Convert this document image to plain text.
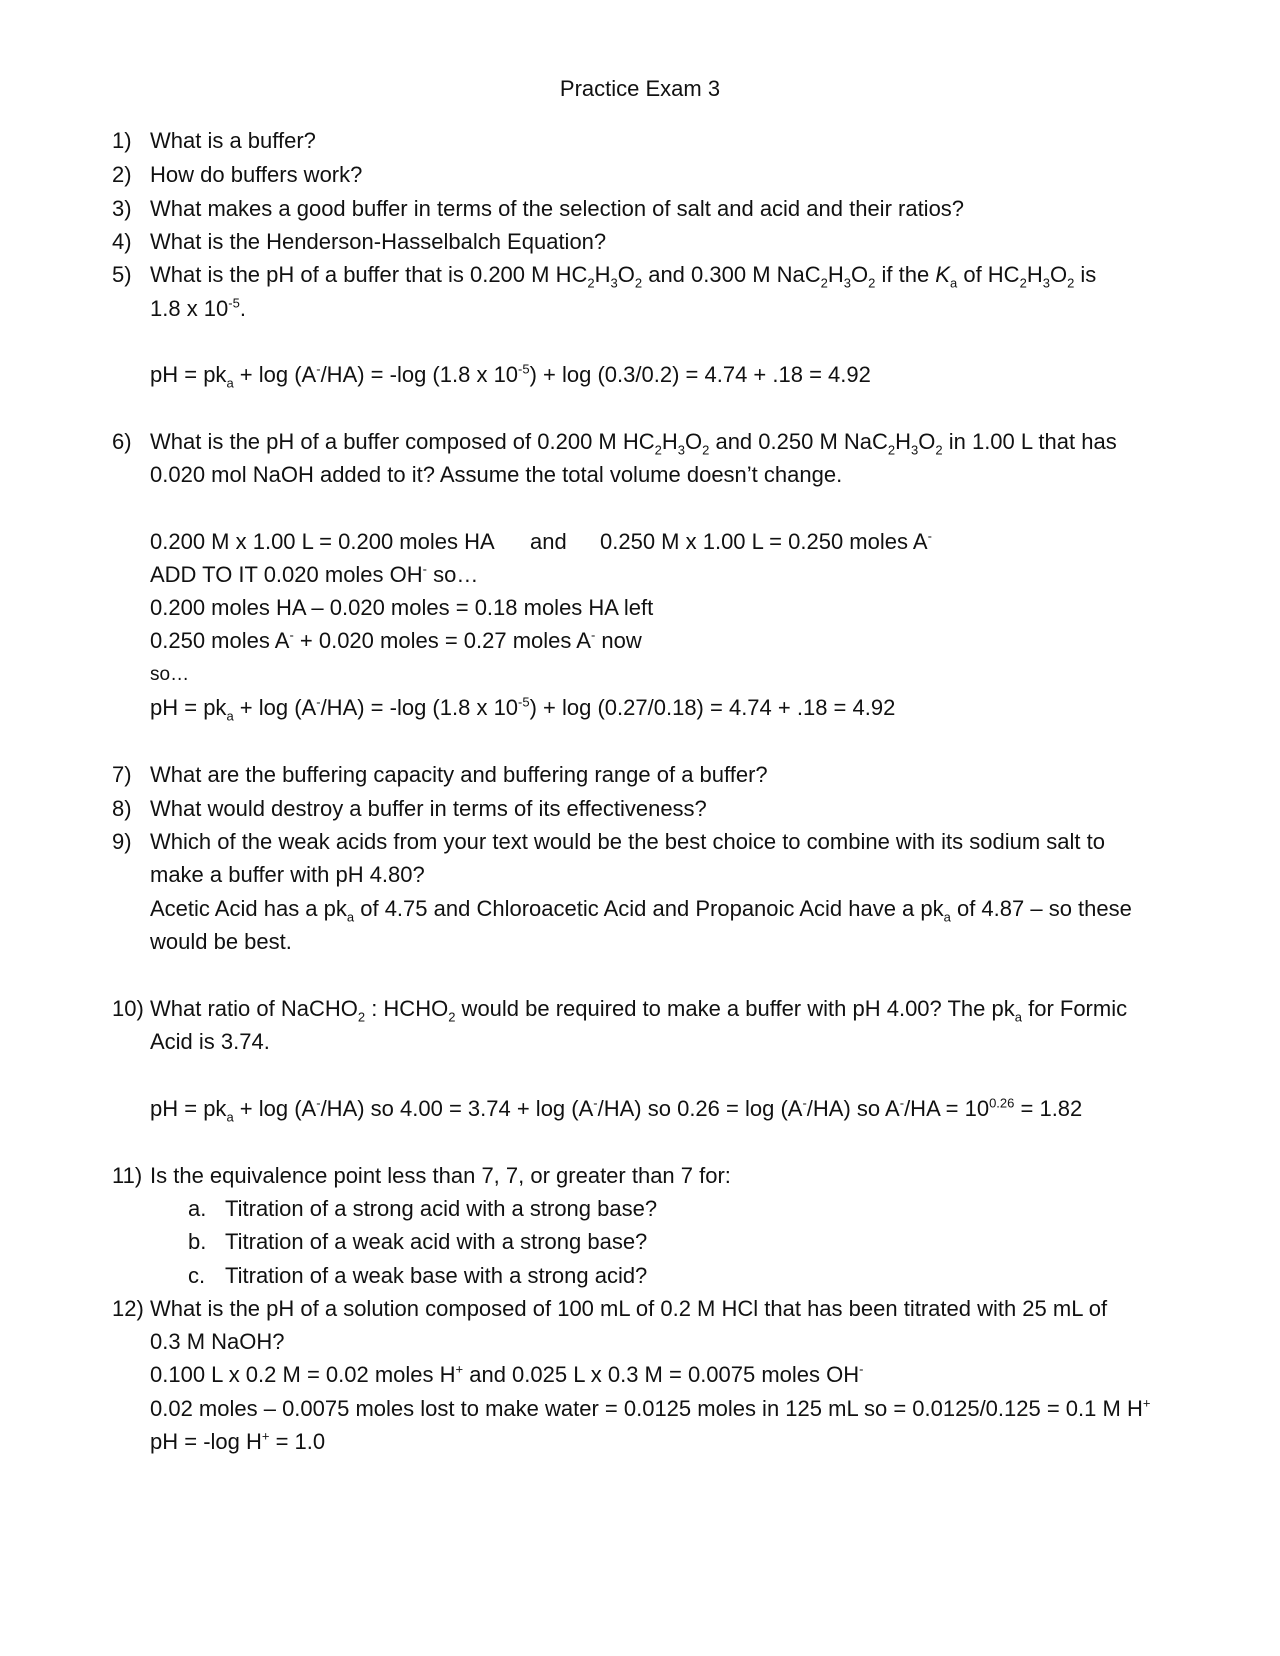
Practice Exam 3
1) What is a buffer?
2) How do buffers work?
3) What makes a good buffer in terms of the selection of salt and acid and their ratios?
4) What is the Henderson-Hasselbalch Equation?
5) What is the pH of a buffer that is 0.200 M $HC_2H_3O_2$ and 0.300 M $NaC_2H_3O_2$ if the $K_a$ of $HC_2H_3O_2$ is
1.8 x $10^{-5}$.
pH = $pk_a + \log (A^-/HA) = -\log$ (1.8 x $10^{-5}) + \log (0.3/0.2) = 4.74 + .18 = 4.92$
6) What is the pH of a buffer composed of 0.200 M $HC_2H_3O_2$ and 0.250 M $NaC_2H_3O_2$ in 1.00 L that has
0.020 mol NaOH added to it? Assume the total volume doesn’t change.
0.200 M x 1.00 L = 0.200 moles HA and 0.250 M x 1.00 L = 0.250 moles A-
ADD TO IT 0.020 moles OH- so…
0.200 moles HA – 0.020 moles = 0.18 moles HA left
0.250 moles A- + 0.020 moles = 0.27 moles A- now
so…
pH = $pk_a + \log (A^-/HA) = -\log$ (1.8 x $10^{-5}) + \log (0.27/0.18) = 4.74 + .18 = 4.92$
7) What are the buffering capacity and buffering range of a buffer?
8) What would destroy a buffer in terms of its effectiveness?
9) Which of the weak acids from your text would be the best choice to combine with its sodium salt to
make a buffer with pH 4.80?
Acetic Acid has a $pk_a$ of 4.75 and Chloroacetic Acid and Propanoic Acid have a $pk_a$ of 4.87 – so these
would be best.
10) What ratio of NaCHO$_2$ : $HCHO_2$ would be required to make a buffer with pH 4.00? The $pk_a$ for Formic
Acid is 3.74.
pH = $pk_a + \log (A^-/HA)$ so 4.00 = 3.74 + log (A-/HA) so 0.26 = log (A-/HA) so $A^-/HA = 10^{0.26} = 1.82$
11) Is the equivalence point less than 7, 7, or greater than 7 for:
a. Titration of a strong acid with a strong base?
b. Titration of a weak acid with a strong base?
c. Titration of a weak base with a strong acid?
12) What is the pH of a solution composed of 100 mL of 0.2 M HCl that has been titrated with 25 mL of
0.3 M NaOH?
0.100 L x 0.2 M = 0.02 moles H+ and 0.025 L x 0.3 M = 0.0075 moles OH-
0.02 moles – 0.0075 moles lost to make water = 0.0125 moles in 125 mL so = 0.0125/0.125 = 0.1 M H+
pH = -log H+ = 1.0
